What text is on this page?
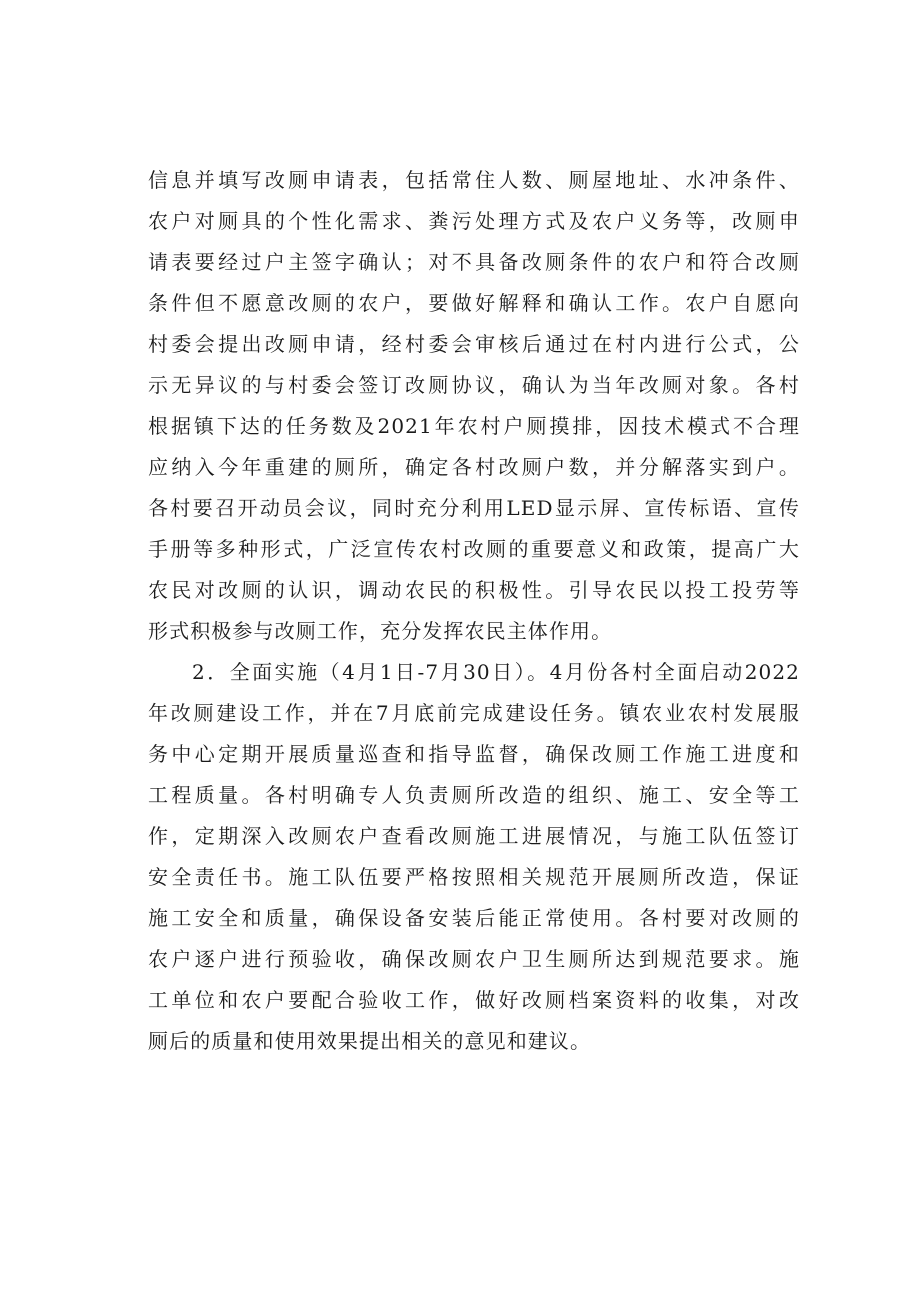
信息并填写改厕申请表，包括常住人数、厕屋地址、水冲条件、
农户对厕具的个性化需求、粪污处理方式及农户义务等，改厕申
请表要经过户主签字确认；对不具备改厕条件的农户和符合改厕
条件但不愿意改厕的农户，要做好解释和确认工作。农户自愿向
村委会提出改厕申请，经村委会审核后通过在村内进行公式，公
示无异议的与村委会签订改厕协议，确认为当年改厕对象。各村
根据镇下达的任务数及2021年农村户厕摸排，因技术模式不合理
应纳入今年重建的厕所，确定各村改厕户数，并分解落实到户。
各村要召开动员会议，同时充分利用LED显示屏、宣传标语、宣传
手册等多种形式，广泛宣传农村改厕的重要意义和政策，提高广大
农民对改厕的认识，调动农民的积极性。引导农民以投工投劳等
形式积极参与改厕工作，充分发挥农民主体作用。
2．全面实施（4月1日-7月30日）。4月份各村全面启动2022
年改厕建设工作，并在7月底前完成建设任务。镇农业农村发展服
务中心定期开展质量巡查和指导监督，确保改厕工作施工进度和
工程质量。各村明确专人负责厕所改造的组织、施工、安全等工
作，定期深入改厕农户查看改厕施工进展情况，与施工队伍签订
安全责任书。施工队伍要严格按照相关规范开展厕所改造，保证
施工安全和质量，确保设备安装后能正常使用。各村要对改厕的
农户逐户进行预验收，确保改厕农户卫生厕所达到规范要求。施
工单位和农户要配合验收工作，做好改厕档案资料的收集，对改
厕后的质量和使用效果提出相关的意见和建议。
